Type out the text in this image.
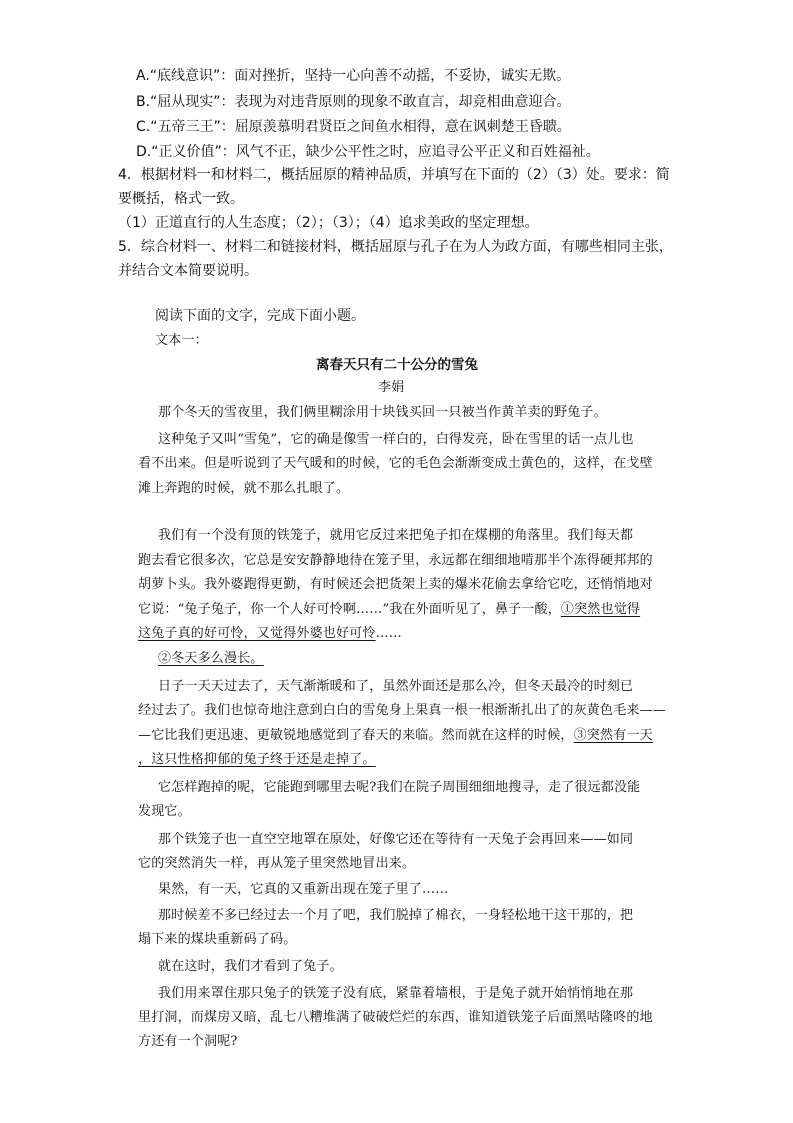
A.“底线意识”：面对挫折，坚持一心向善不动摇，不妥协，诚实无欺。
B.“屈从现实”：表现为对违背原则的现象不敢直言，却竞相曲意迎合。
C.“五帝三王”：屈原羡慕明君贤臣之间鱼水相得，意在讽刺楚王昏聩。
D.“正义价值”：风气不正，缺少公平性之时，应追寻公平正义和百姓福祉。
4．根据材料一和材料二，概括屈原的精神品质，并填写在下面的（2）（3）处。要求：简
要概括，格式一致。
（1）正道直行的人生态度；（2）；（3）；（4）追求美政的坚定理想。
5．综合材料一、材料二和链接材料，概括屈原与孔子在为人为政方面，有哪些相同主张，
并结合文本简要说明。
阅读下面的文字，完成下面小题。
文本一：
离春天只有二十公分的雪兔
李娟
那个冬天的雪夜里，我们俩里糊涂用十块钱买回一只被当作黄羊卖的野兔子。
这种兔子又叫“雪兔”，它的确是像雪一样白的，白得发亮，卧在雪里的话一点儿也
看不出来。但是听说到了天气暖和的时候，它的毛色会渐渐变成土黄色的，这样，在戈壁
滩上奔跑的时候，就不那么扎眼了。
我们有一个没有顶的铁笼子，就用它反过来把兔子扣在煤棚的角落里。我们每天都
跑去看它很多次，它总是安安静静地待在笼子里，永远都在细细地啃那半个冻得硬邦邦的
胡萝卜头。我外婆跑得更勤，有时候还会把货架上卖的爆米花偷去拿给它吃，还悄悄地对
它说：“兔子兔子，你一个人好可怜啊……”我在外面听见了，鼻子一酸，①突然也觉得
这兔子真的好可怜，又觉得外婆也好可怜……
②冬天多么漫长。
日子一天天过去了，天气渐渐暖和了，虽然外面还是那么冷，但冬天最冷的时刻已
经过去了。我们也惊奇地注意到白白的雪兔身上果真一根一根渐渐扎出了的灰黄色毛来——
—它比我们更迅速、更敏锐地感觉到了春天的来临。然而就在这样的时候，③突然有一天
，这只性格抑郁的兔子终于还是走掉了。
它怎样跑掉的呢，它能跑到哪里去呢?我们在院子周围细细地搜寻，走了很远都没能
发现它。
那个铁笼子也一直空空地罩在原处，好像它还在等待有一天兔子会再回来——如同
它的突然消失一样，再从笼子里突然地冒出来。
果然，有一天，它真的又重新出现在笼子里了……
那时候差不多已经过去一个月了吧，我们脱掉了棉衣，一身轻松地干这干那的，把
塌下来的煤块重新码了码。
就在这时，我们才看到了兔子。
我们用来罩住那只兔子的铁笼子没有底，紧靠着墙根，于是兔子就开始悄悄地在那
里打洞，而煤房又暗，乱七八糟堆满了破破烂烂的东西，谁知道铁笼子后面黑咕隆咚的地
方还有一个洞呢?
